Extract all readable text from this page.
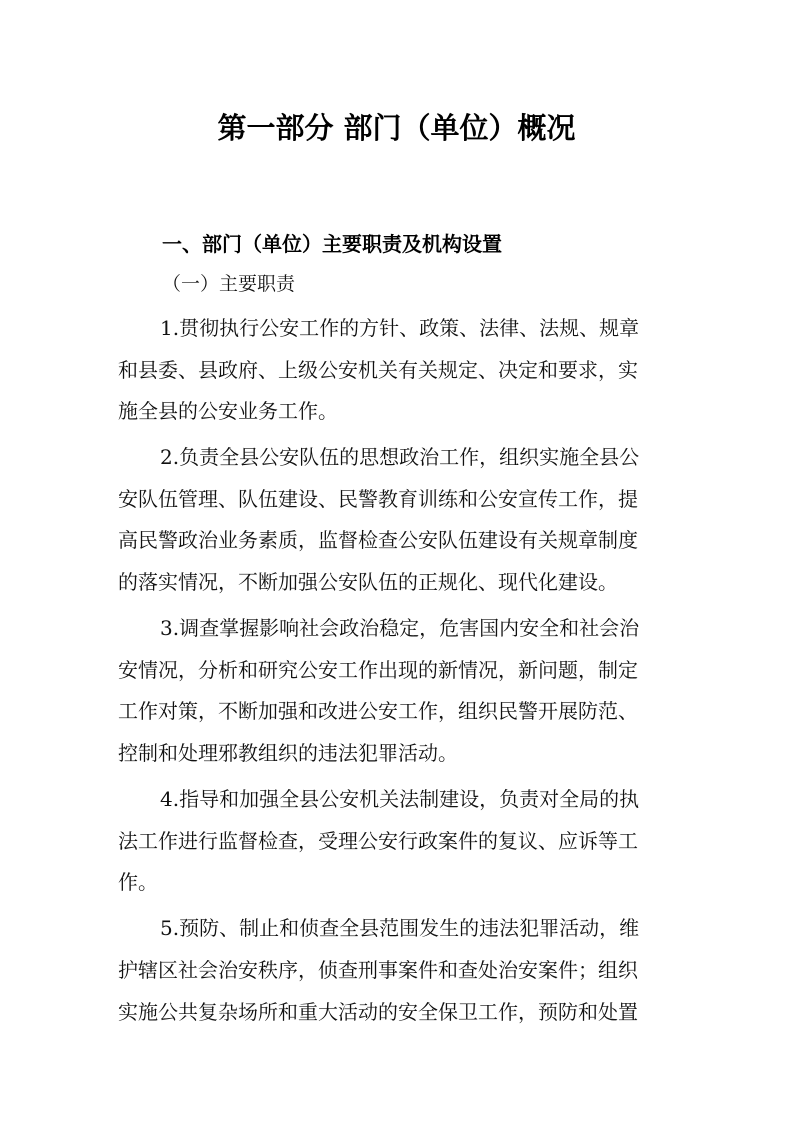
第一部分 部门（单位）概况
一、部门（单位）主要职责及机构设置
（一）主要职责
1.贯彻执行公安工作的方针、政策、法律、法规、规章
和县委、县政府、上级公安机关有关规定、决定和要求，实
施全县的公安业务工作。
2.负责全县公安队伍的思想政治工作，组织实施全县公
安队伍管理、队伍建设、民警教育训练和公安宣传工作，提
高民警政治业务素质，监督检查公安队伍建设有关规章制度
的落实情况，不断加强公安队伍的正规化、现代化建设。
3.调查掌握影响社会政治稳定，危害国内安全和社会治
安情况，分析和研究公安工作出现的新情况，新问题，制定
工作对策，不断加强和改进公安工作，组织民警开展防范、
控制和处理邪教组织的违法犯罪活动。
4.指导和加强全县公安机关法制建设，负责对全局的执
法工作进行监督检查，受理公安行政案件的复议、应诉等工
作。
5.预防、制止和侦查全县范围发生的违法犯罪活动，维
护辖区社会治安秩序，侦查刑事案件和查处治安案件；组织
实施公共复杂场所和重大活动的安全保卫工作，预防和处置
